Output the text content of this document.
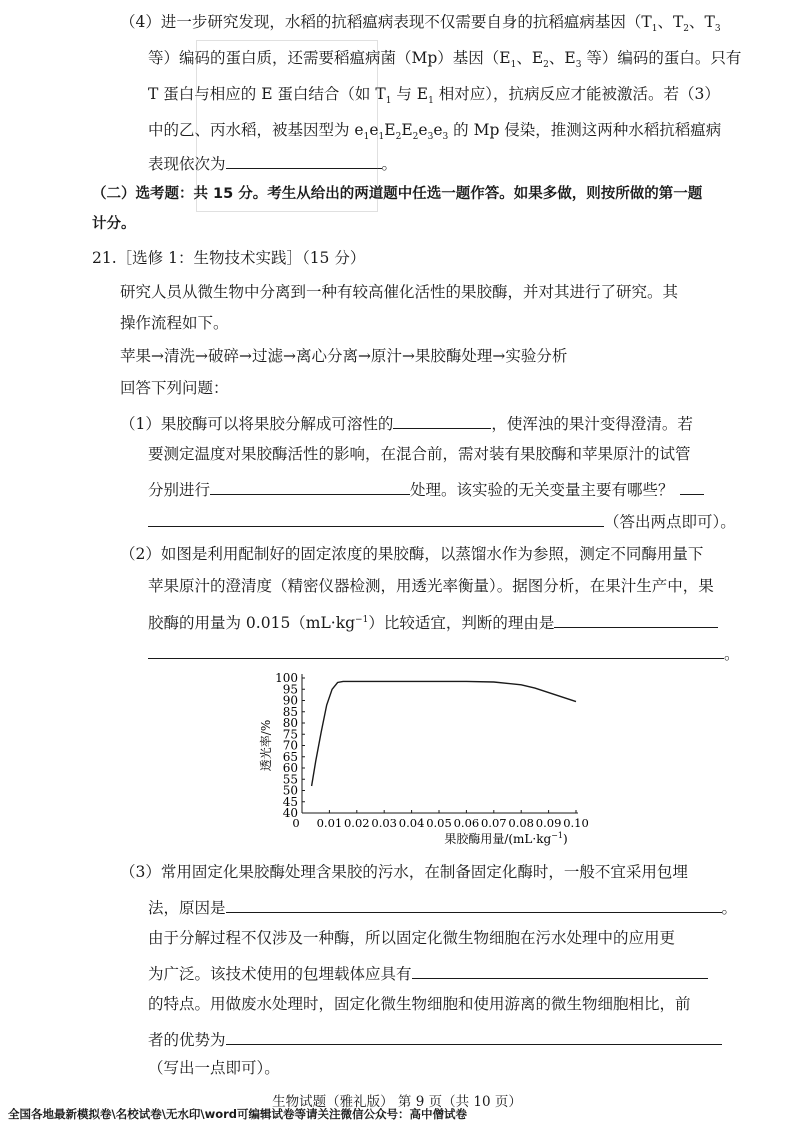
（4）进一步研究发现，水稻的抗稻瘟病表现不仅需要自身的抗稻瘟病基因（$T_1$、$T_2$、$T_3$
等）编码的蛋白质，还需要稻瘟病菌（Mp）基因（$E_1$、$E_2$、$E_3$ 等）编码的蛋白。只有
T 蛋白与相应的 E 蛋白结合（如 $T_1$ 与 $E_1$ 相对应），抗病反应才能被激活。若（3）
中的乙、丙水稻，被基因型为 $e_1e_1E_2E_2e_3e_3$ 的 Mp 侵染，推测这两种水稻抗稻瘟病
表现依次为	。
（二）选考题：共 15 分。考生从给出的两道题中任选一题作答。如果多做，则按所做的第一题
计分。
21.［选修 1：生物技术实践］（15 分）
研究人员从微生物中分离到一种有较高催化活性的果胶酶，并对其进行了研究。其
操作流程如下。
苹果→清洗→破碎→过滤→离心分离→原汁→果胶酶处理→实验分析
回答下列问题：
（1）果胶酶可以将果胶分解成可溶性的	，使浑浊的果汁变得澄清。若
要测定温度对果胶酶活性的影响，在混合前，需对装有果胶酶和苹果原汁的试管
分别进行	处理。该实验的无关变量主要有哪些？
（答出两点即可）。
（2）如图是利用配制好的固定浓度的果胶酶，以蒸馏水作为参照，测定不同酶用量下
苹果原汁的澄清度（精密仪器检测，用透光率衡量）。据图分析，在果汁生产中，果
胶酶的用量为 $0.015(mL\cdot kg^{-1})$比较适宜，判断的理由是
。
40
45
50
55
60
65
70
75
80
85
90
95
100
0 0.01 0.02 0.03 0.04 0.05 0.06 0.07 0.08 0.09 0.10
透光率/%
果胶酶用量$/(mL\cdot kg^{-1})$
（3）常用固定化果胶酶处理含果胶的污水，在制备固定化酶时，一般不宜采用包埋
法，原因是	。
由于分解过程不仅涉及一种酶，所以固定化微生物细胞在污水处理中的应用更
为广泛。该技术使用的包埋载体应具有
的特点。用做废水处理时，固定化微生物细胞和使用游离的微生物细胞相比，前
者的优势为
（写出一点即可）。
生物试题（雅礼版） 第 9 页（共 10 页）
全国各地最新模拟卷\名校试卷\无水印\word可编辑试卷等请关注微信公众号：高中僧试卷
